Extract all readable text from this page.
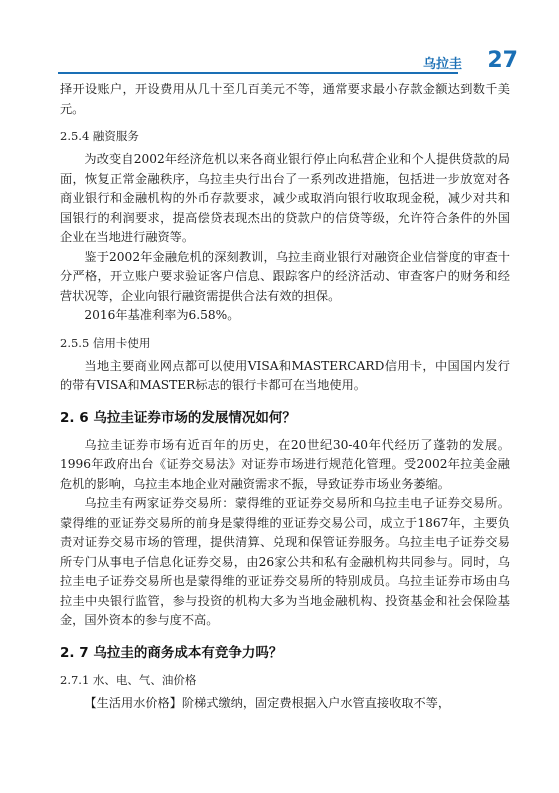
乌拉圭 27

择开设账户，开设费用从几十至几百美元不等，通常要求最小存款金额达到数千美元。

2.5.4 融资服务

为改变自2002年经济危机以来各商业银行停止向私营企业和个人提供贷款的局面，恢复正常金融秩序，乌拉圭央行出台了一系列改进措施，包括进一步放宽对各商业银行和金融机构的外币存款要求，减少或取消向银行收取现金税，减少对共和国银行的利润要求，提高偿贷表现杰出的贷款户的信贷等级，允许符合条件的外国企业在当地进行融资等。

鉴于2002年金融危机的深刻教训，乌拉圭商业银行对融资企业信誉度的审查十分严格，开立账户要求验证客户信息、跟踪客户的经济活动、审查客户的财务和经营状况等，企业向银行融资需提供合法有效的担保。

2016年基准利率为6.58%。

2.5.5 信用卡使用

当地主要商业网点都可以使用VISA和MASTERCARD信用卡，中国国内发行的带有VISA和MASTER标志的银行卡都可在当地使用。

2. 6 乌拉圭证券市场的发展情况如何？

乌拉圭证券市场有近百年的历史，在20世纪30-40年代经历了蓬勃的发展。1996年政府出台《证券交易法》对证券市场进行规范化管理。受2002年拉美金融危机的影响，乌拉圭本地企业对融资需求不振，导致证券市场业务萎缩。

乌拉圭有两家证券交易所：蒙得维的亚证券交易所和乌拉圭电子证券交易所。蒙得维的亚证券交易所的前身是蒙得维的亚证券交易公司，成立于1867年，主要负责对证券交易市场的管理，提供清算、兑现和保管证券服务。乌拉圭电子证券交易所专门从事电子信息化证券交易，由26家公共和私有金融机构共同参与。同时，乌拉圭电子证券交易所也是蒙得维的亚证券交易所的特别成员。乌拉圭证券市场由乌拉圭中央银行监管，参与投资的机构大多为当地金融机构、投资基金和社会保险基金，国外资本的参与度不高。

2. 7 乌拉圭的商务成本有竞争力吗？
2.7.1 水、电、气、油价格

【生活用水价格】阶梯式缴纳，固定费根据入户水管直接收取不等，
